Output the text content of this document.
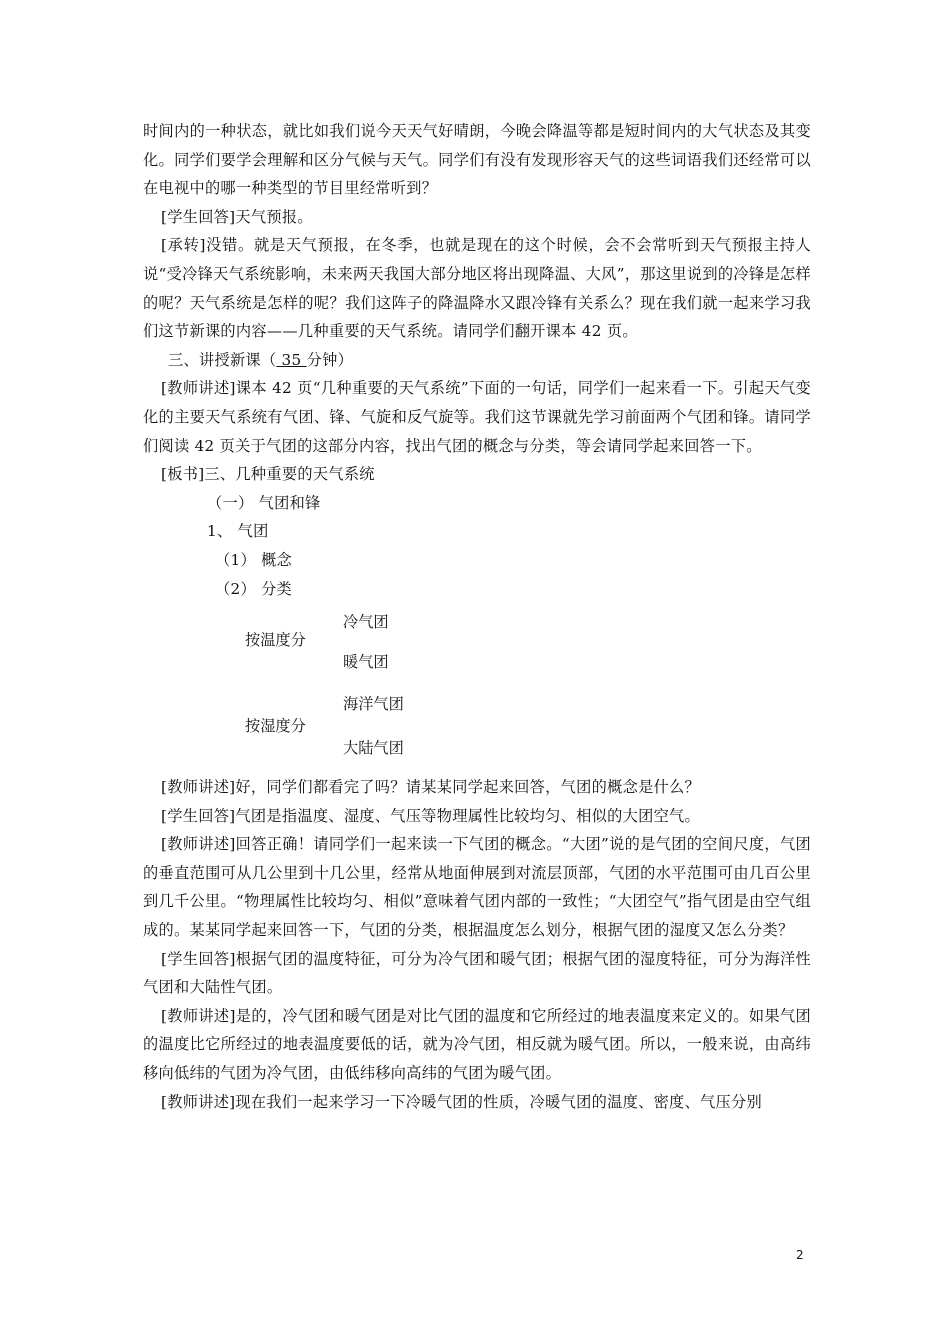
时间内的一种状态，就比如我们说今天天气好晴朗，今晚会降温等都是短时间内的大气状态及其变化。同学们要学会理解和区分气候与天气。同学们有没有发现形容天气的这些词语我们还经常可以在电视中的哪一种类型的节目里经常听到？

[学生回答]天气预报。

[承转]没错。就是天气预报，在冬季，也就是现在的这个时候，会不会常听到天气预报主持人说“受冷锋天气系统影响，未来两天我国大部分地区将出现降温、大风”，那这里说到的冷锋是怎样的呢？天气系统是怎样的呢？我们这阵子的降温降水又跟冷锋有关系么？现在我们就一起来学习我们这节新课的内容——几种重要的天气系统。请同学们翻开课本 42 页。

三、讲授新课（ 35 分钟）

[教师讲述]课本 42 页“几种重要的天气系统”下面的一句话，同学们一起来看一下。引起天气变化的主要天气系统有气团、锋、气旋和反气旋等。我们这节课就先学习前面两个气团和锋。请同学们阅读 42 页关于气团的这部分内容，找出气团的概念与分类，等会请同学起来回答一下。

[板书]三、几种重要的天气系统

（一） 气团和锋

1、 气团

（1） 概念

（2） 分类

冷气团
按温度分
暖气团
海洋气团
按湿度分
大陆气团

[教师讲述]好，同学们都看完了吗？请某某同学起来回答，气团的概念是什么？

[学生回答]气团是指温度、湿度、气压等物理属性比较均匀、相似的大团空气。

[教师讲述]回答正确！请同学们一起来读一下气团的概念。“大团”说的是气团的空间尺度，气团的垂直范围可从几公里到十几公里，经常从地面伸展到对流层顶部，气团的水平范围可由几百公里到几千公里。“物理属性比较均匀、相似”意味着气团内部的一致性；“大团空气”指气团是由空气组成的。某某同学起来回答一下，气团的分类，根据温度怎么划分，根据气团的湿度又怎么分类？

[学生回答]根据气团的温度特征，可分为冷气团和暖气团；根据气团的湿度特征，可分为海洋性气团和大陆性气团。

[教师讲述]是的，冷气团和暖气团是对比气团的温度和它所经过的地表温度来定义的。如果气团的温度比它所经过的地表温度要低的话，就为冷气团，相反就为暖气团。所以，一般来说，由高纬移向低纬的气团为冷气团，由低纬移向高纬的气团为暖气团。

[教师讲述]现在我们一起来学习一下冷暖气团的性质，冷暖气团的温度、密度、气压分别

2
